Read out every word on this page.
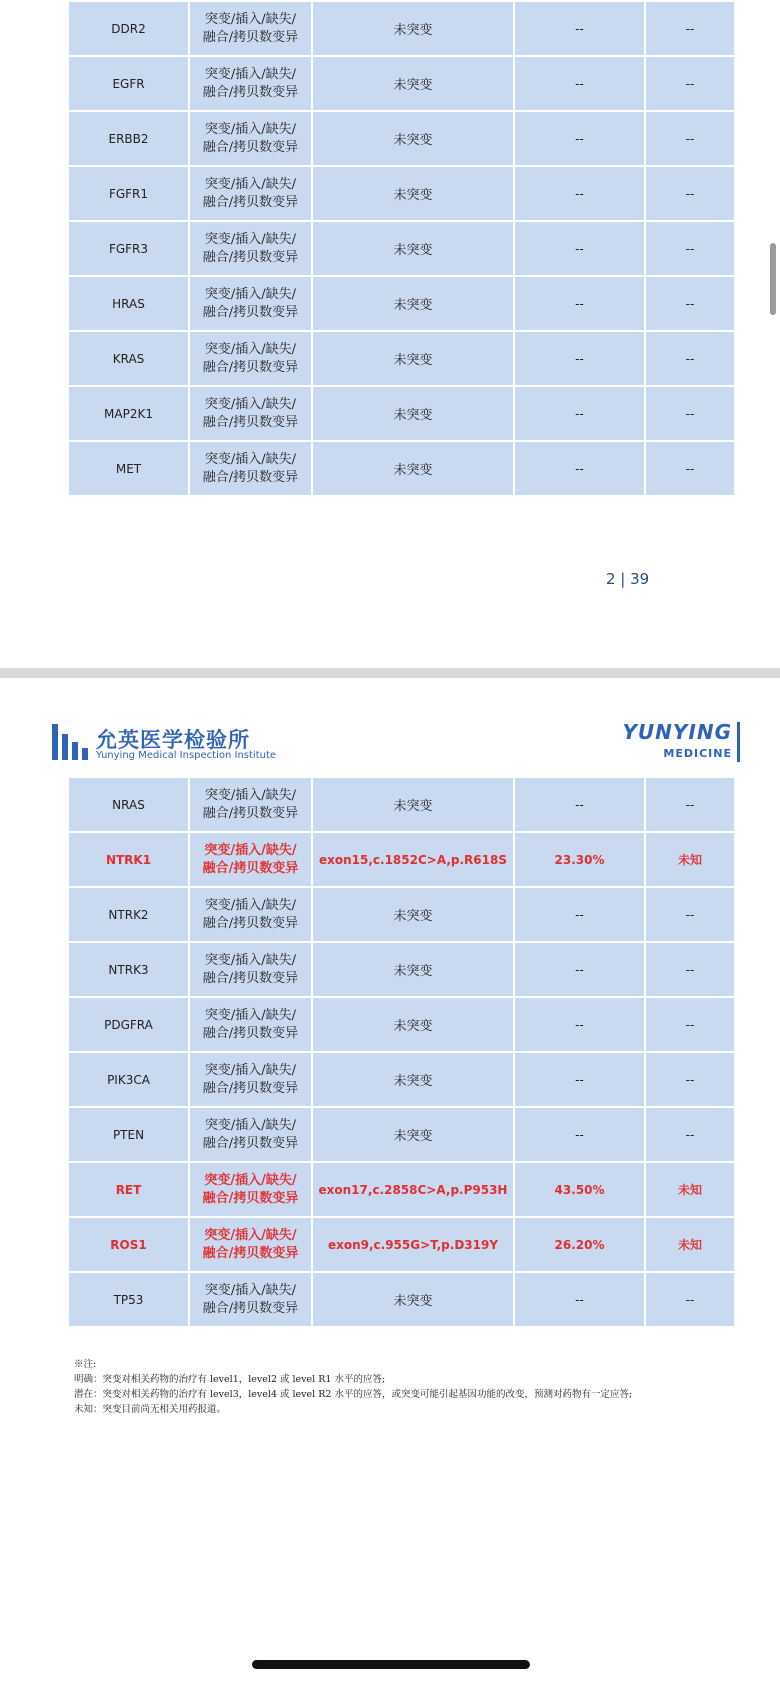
DDR2	突变/插入/缺失/
融合/拷贝数变异	未突变	--	--
EGFR	突变/插入/缺失/
融合/拷贝数变异	未突变	--	--
ERBB2	突变/插入/缺失/
融合/拷贝数变异	未突变	--	--
FGFR1	突变/插入/缺失/
融合/拷贝数变异	未突变	--	--
FGFR3	突变/插入/缺失/
融合/拷贝数变异	未突变	--	--
HRAS	突变/插入/缺失/
融合/拷贝数变异	未突变	--	--
KRAS	突变/插入/缺失/
融合/拷贝数变异	未突变	--	--
MAP2K1	突变/插入/缺失/
融合/拷贝数变异	未突变	--	--
MET	突变/插入/缺失/
融合/拷贝数变异	未突变	--	--
2 | 39
允英医学检验所
Yunying Medical Inspection Institute
YUNYING
MEDICINE
NRAS	突变/插入/缺失/
融合/拷贝数变异	未突变	--	--
NTRK1	突变/插入/缺失/
融合/拷贝数变异	exon15,c.1852C>A,p.R618S	23.30%	未知
NTRK2	突变/插入/缺失/
融合/拷贝数变异	未突变	--	--
NTRK3	突变/插入/缺失/
融合/拷贝数变异	未突变	--	--
PDGFRA	突变/插入/缺失/
融合/拷贝数变异	未突变	--	--
PIK3CA	突变/插入/缺失/
融合/拷贝数变异	未突变	--	--
PTEN	突变/插入/缺失/
融合/拷贝数变异	未突变	--	--
RET	突变/插入/缺失/
融合/拷贝数变异	exon17,c.2858C>A,p.P953H	43.50%	未知
ROS1	突变/插入/缺失/
融合/拷贝数变异	exon9,c.955G>T,p.D319Y	26.20%	未知
TP53	突变/插入/缺失/
融合/拷贝数变异	未突变	--	--
※注:
明确：突变对相关药物的治疗有 level1，level2 或 level R1 水平的应答;
潜在：突变对相关药物的治疗有 level3，level4 或 level R2 水平的应答，或突变可能引起基因功能的改变，预测对药物有一定应答;
未知：突变目前尚无相关用药报道。
